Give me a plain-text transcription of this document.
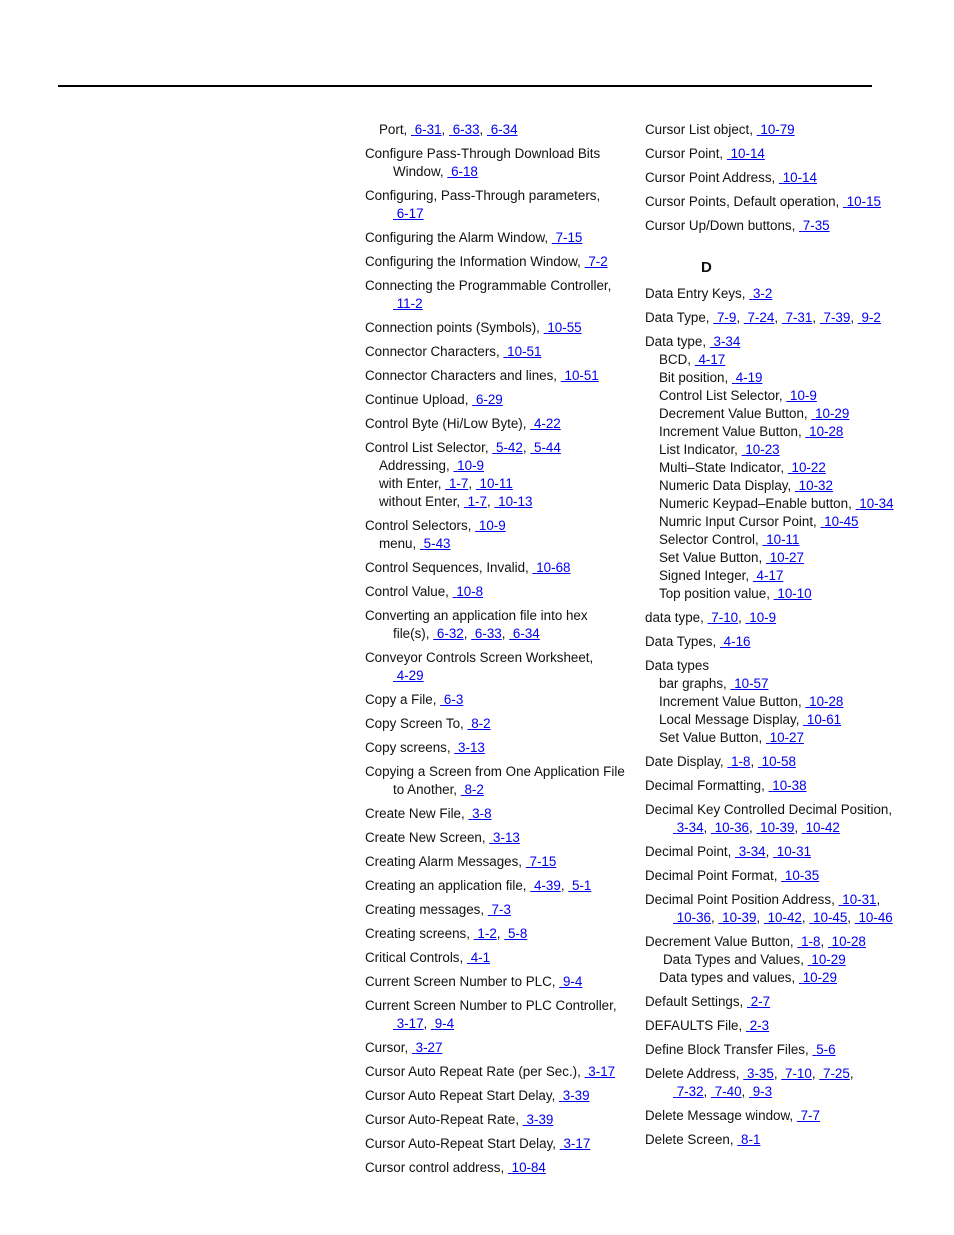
Port, 6-31, 6-33, 6-34
Configure Pass-Through Download Bits
Window, 6-18
Configuring, Pass-Through parameters,
6-17
Configuring the Alarm Window, 7-15
Configuring the Information Window, 7-2
Connecting the Programmable Controller,
11-2
Connection points (Symbols), 10-55
Connector Characters, 10-51
Connector Characters and lines, 10-51
Continue Upload, 6-29
Control Byte (Hi/Low Byte), 4-22
Control List Selector, 5-42, 5-44
Addressing, 10-9
with Enter, 1-7, 10-11
without Enter, 1-7, 10-13
Control Selectors, 10-9
menu, 5-43
Control Sequences, Invalid, 10-68
Control Value, 10-8
Converting an application file into hex
file(s), 6-32, 6-33, 6-34
Conveyor Controls Screen Worksheet,
4-29
Copy a File, 6-3
Copy Screen To, 8-2
Copy screens, 3-13
Copying a Screen from One Application File
to Another, 8-2
Create New File, 3-8
Create New Screen, 3-13
Creating Alarm Messages, 7-15
Creating an application file, 4-39, 5-1
Creating messages, 7-3
Creating screens, 1-2, 5-8
Critical Controls, 4-1
Current Screen Number to PLC, 9-4
Current Screen Number to PLC Controller,
3-17, 9-4
Cursor, 3-27
Cursor Auto Repeat Rate (per Sec.), 3-17
Cursor Auto Repeat Start Delay, 3-39
Cursor Auto-Repeat Rate, 3-39
Cursor Auto-Repeat Start Delay, 3-17
Cursor control address, 10-84
Cursor List object, 10-79
Cursor Point, 10-14
Cursor Point Address, 10-14
Cursor Points, Default operation, 10-15
Cursor Up/Down buttons, 7-35
D
Data Entry Keys, 3-2
Data Type, 7-9, 7-24, 7-31, 7-39, 9-2
Data type, 3-34
BCD, 4-17
Bit position, 4-19
Control List Selector, 10-9
Decrement Value Button, 10-29
Increment Value Button, 10-28
List Indicator, 10-23
Multi–State Indicator, 10-22
Numeric Data Display, 10-32
Numeric Keypad–Enable button, 10-34
Numric Input Cursor Point, 10-45
Selector Control, 10-11
Set Value Button, 10-27
Signed Integer, 4-17
Top position value, 10-10
data type, 7-10, 10-9
Data Types, 4-16
Data types
bar graphs, 10-57
Increment Value Button, 10-28
Local Message Display, 10-61
Set Value Button, 10-27
Date Display, 1-8, 10-58
Decimal Formatting, 10-38
Decimal Key Controlled Decimal Position,
3-34, 10-36, 10-39, 10-42
Decimal Point, 3-34, 10-31
Decimal Point Format, 10-35
Decimal Point Position Address, 10-31,
10-36, 10-39, 10-42, 10-45, 10-46
Decrement Value Button, 1-8, 10-28
Data Types and Values, 10-29
Data types and values, 10-29
Default Settings, 2-7
DEFAULTS File, 2-3
Define Block Transfer Files, 5-6
Delete Address, 3-35, 7-10, 7-25,
7-32, 7-40, 9-3
Delete Message window, 7-7
Delete Screen, 8-1
